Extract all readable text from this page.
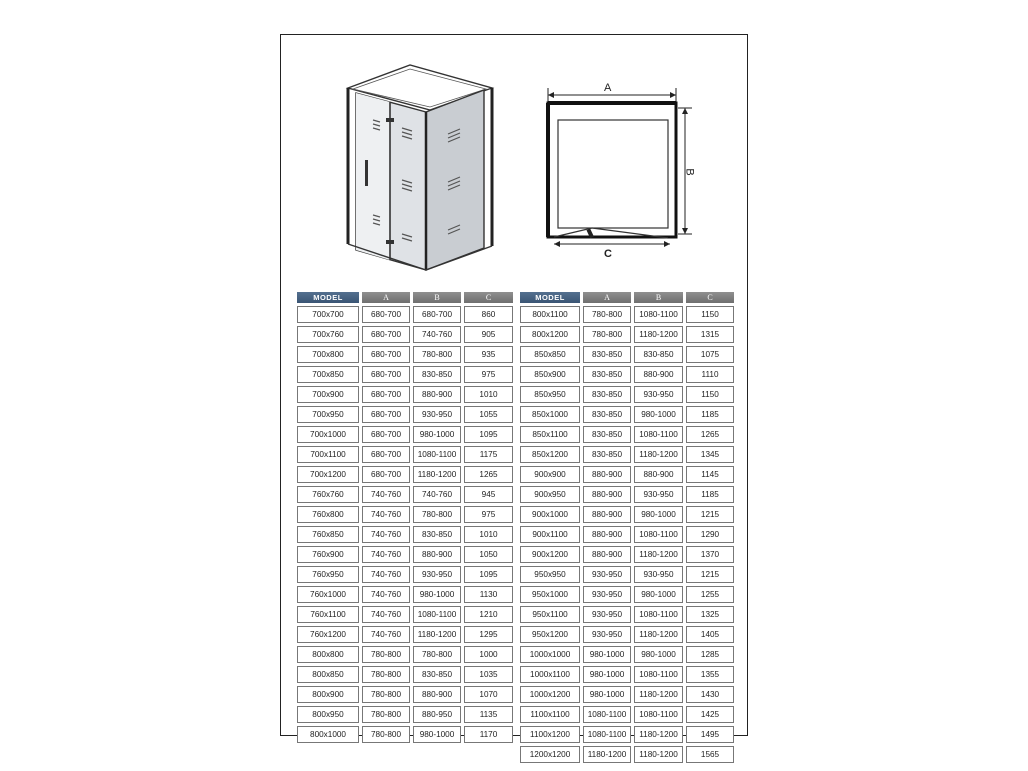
A
B
C
MODEL	A	B	C
700x700	680-700	680-700	860
700x760	680-700	740-760	905
700x800	680-700	780-800	935
700x850	680-700	830-850	975
700x900	680-700	880-900	1010
700x950	680-700	930-950	1055
700x1000	680-700	980-1000	1095
700x1100	680-700	1080-1100	1175
700x1200	680-700	1180-1200	1265
760x760	740-760	740-760	945
760x800	740-760	780-800	975
760x850	740-760	830-850	1010
760x900	740-760	880-900	1050
760x950	740-760	930-950	1095
760x1000	740-760	980-1000	1130
760x1100	740-760	1080-1100	1210
760x1200	740-760	1180-1200	1295
800x800	780-800	780-800	1000
800x850	780-800	830-850	1035
800x900	780-800	880-900	1070
800x950	780-800	880-950	1135
800x1000	780-800	980-1000	1170
MODEL	A	B	C
800x1100	780-800	1080-1100	1150
800x1200	780-800	1180-1200	1315
850x850	830-850	830-850	1075
850x900	830-850	880-900	1110
850x950	830-850	930-950	1150
850x1000	830-850	980-1000	1185
850x1100	830-850	1080-1100	1265
850x1200	830-850	1180-1200	1345
900x900	880-900	880-900	1145
900x950	880-900	930-950	1185
900x1000	880-900	980-1000	1215
900x1100	880-900	1080-1100	1290
900x1200	880-900	1180-1200	1370
950x950	930-950	930-950	1215
950x1000	930-950	980-1000	1255
950x1100	930-950	1080-1100	1325
950x1200	930-950	1180-1200	1405
1000x1000	980-1000	980-1000	1285
1000x1100	980-1000	1080-1100	1355
1000x1200	980-1000	1180-1200	1430
1100x1100	1080-1100	1080-1100	1425
1100x1200	1080-1100	1180-1200	1495
1200x1200	1180-1200	1180-1200	1565
